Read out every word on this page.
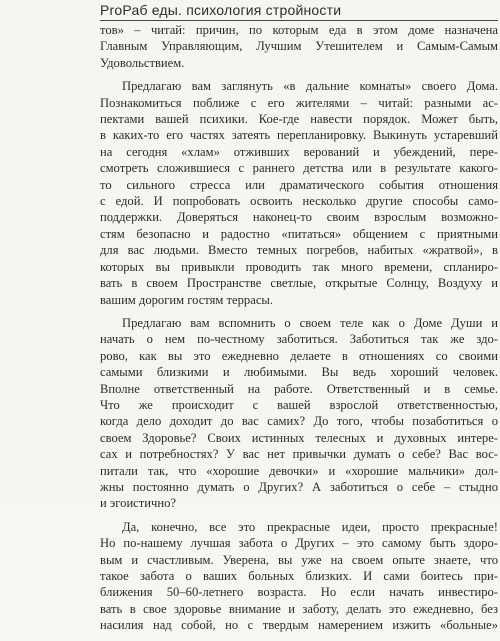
ProРаб еды. психология стройности
тов» – читай: причин, по которым еда в этом доме назначена
Главным Управляющим, Лучшим Утешителем и Самым-Самым
Удовольствием.
Предлагаю вам заглянуть «в дальние комнаты» своего Дома.
Познакомиться поближе с его жителями – читай: разными ас-
пектами вашей психики. Кое-где навести порядок. Может быть,
в каких-то его частях затеять перепланировку. Выкинуть устаревший
на сегодня «хлам» отживших верований и убеждений, пере-
смотреть сложившиеся с раннего детства или в результате какого-
то сильного стресса или драматического события отношения
с едой. И попробовать освоить несколько другие способы само-
поддержки. Доверяться наконец-то своим взрослым возможно-
стям безопасно и радостно «питаться» общением с приятными
для вас людьми. Вместо темных погребов, набитых «жратвой», в
которых вы привыкли проводить так много времени, спланиро-
вать в своем Пространстве светлые, открытые Солнцу, Воздуху и
вашим дорогим гостям террасы.
Предлагаю вам вспомнить о своем теле как о Доме Души и
начать о нем по-честному заботиться. Заботиться так же здо-
рово, как вы это ежедневно делаете в отношениях со своими
самыми близкими и любимыми. Вы ведь хороший человек.
Вполне ответственный на работе. Ответственный и в семье.
Что же происходит с вашей взрослой ответственностью,
когда дело доходит до вас самих? До того, чтобы позаботиться о
своем Здоровье? Своих истинных телесных и духовных интере-
сах и потребностях? У вас нет привычки думать о себе? Вас вос-
питали так, что «хорошие девочки» и «хорошие мальчики» дол-
жны постоянно думать о Других? А заботиться о себе – стыдно
и эгоистично?
Да, конечно, все это прекрасные идеи, просто прекрасные!
Но по-нашему лучшая забота о Других – это самому быть здоро-
вым и счастливым. Уверена, вы уже на своем опыте знаете, что
такое забота о ваших больных близких. И сами боитесь при-
ближения 50–60-летнего возраста. Но если начать инвестиро-
вать в свое здоровье внимание и заботу, делать это ежедневно, без
насилия над собой, но с твердым намерением изжить «больные»
